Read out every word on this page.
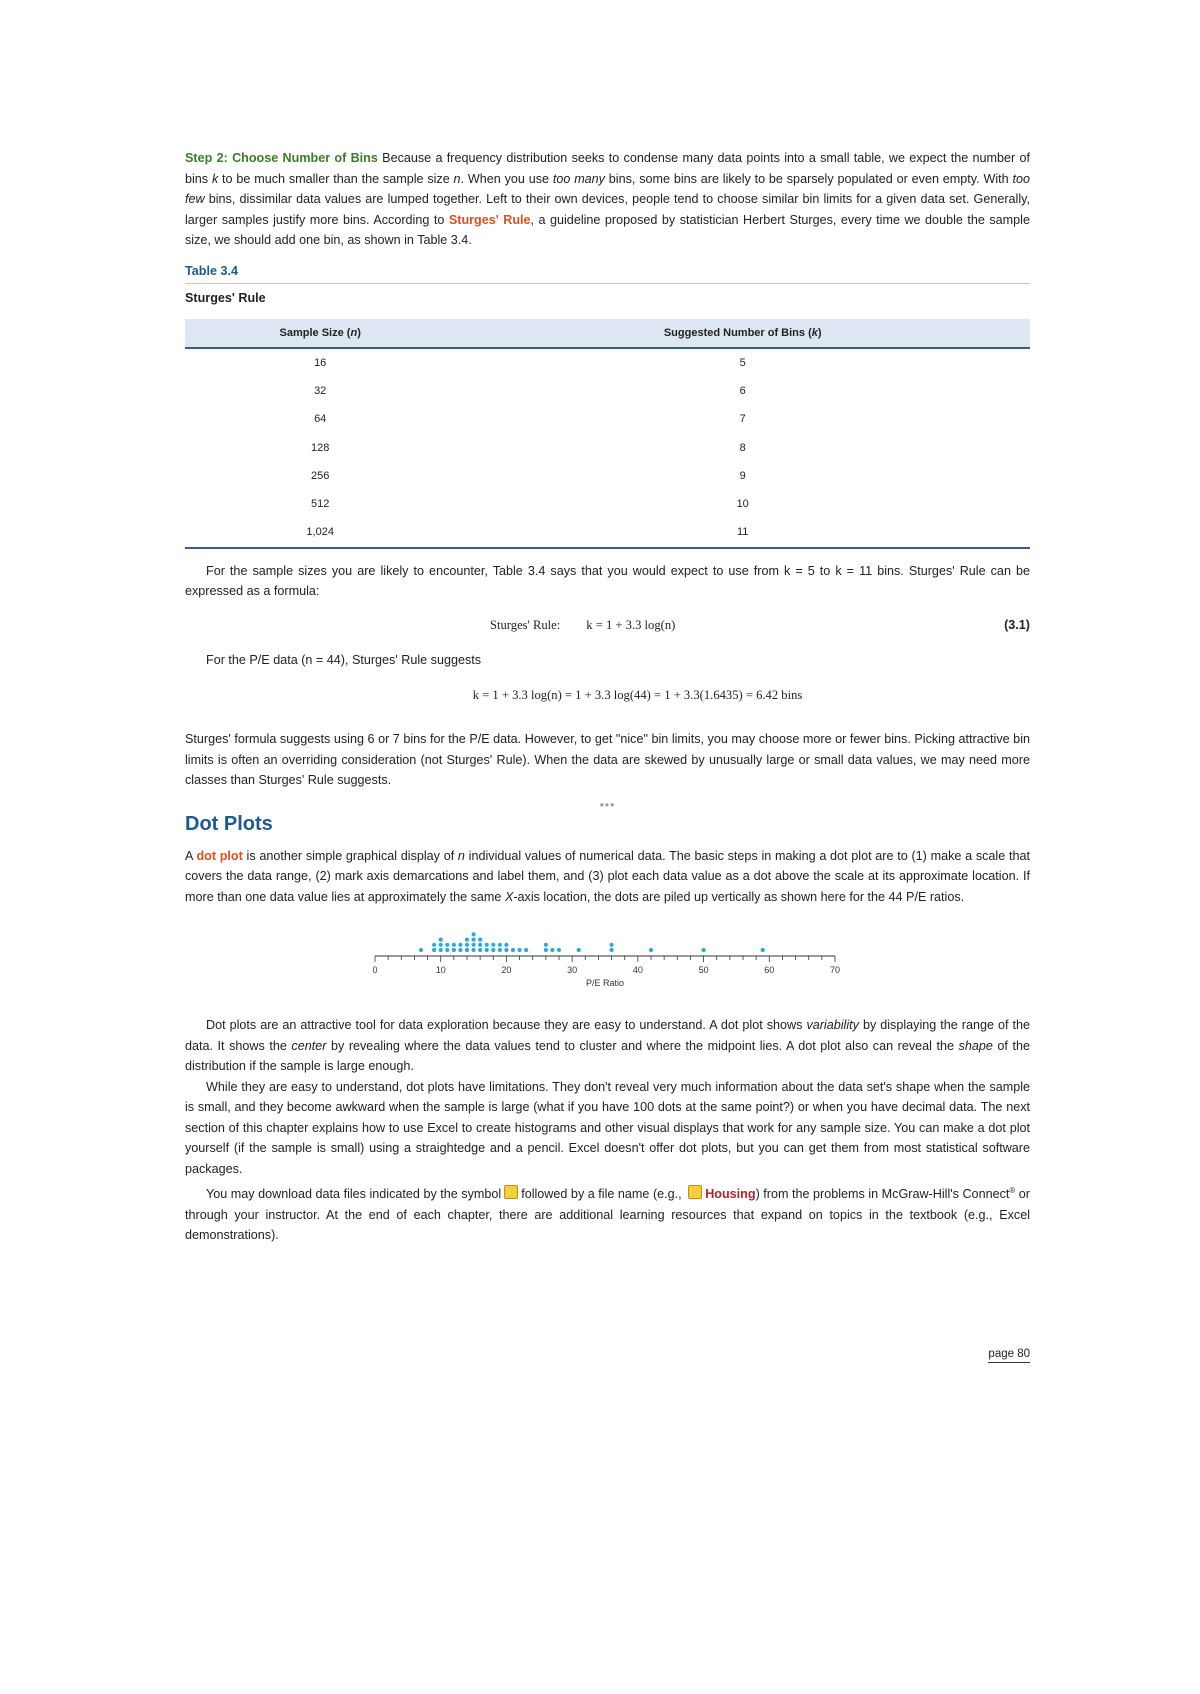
Step 2: Choose Number of Bins Because a frequency distribution seeks to condense many data points into a small table, we expect the number of bins k to be much smaller than the sample size n. When you use too many bins, some bins are likely to be sparsely populated or even empty. With too few bins, dissimilar data values are lumped together. Left to their own devices, people tend to choose similar bin limits for a given data set. Generally, larger samples justify more bins. According to Sturges' Rule, a guideline proposed by statistician Herbert Sturges, every time we double the sample size, we should add one bin, as shown in Table 3.4.

Table 3.4
Sturges' Rule
Sample Size (n)	Suggested Number of Bins (k)
16	5
32	6
64	7
128	8
256	9
512	10
1,024	11

For the sample sizes you are likely to encounter, Table 3.4 says that you would expect to use from k = 5 to k = 11 bins. Sturges' Rule can be expressed as a formula:

Sturges' Rule: k = 1 + 3.3 log(n)	(3.1)

For the P/E data (n = 44), Sturges' Rule suggests

k = 1 + 3.3 log(n) = 1 + 3.3 log(44) = 1 + 3.3(1.6435) = 6.42 bins

Sturges' formula suggests using 6 or 7 bins for the P/E data. However, to get "nice" bin limits, you may choose more or fewer bins. Picking attractive bin limits is often an overriding consideration (not Sturges' Rule). When the data are skewed by unusually large or small data values, we may need more classes than Sturges' Rule suggests.

•••
Dot Plots

A dot plot is another simple graphical display of n individual values of numerical data. The basic steps in making a dot plot are to (1) make a scale that covers the data range, (2) mark axis demarcations and label them, and (3) plot each data value as a dot above the scale at its approximate location. If more than one data value lies at approximately the same X-axis location, the dots are piled up vertically as shown here for the 44 P/E ratios.

0	10	20	30	40	50	60	70
P/E Ratio

Dot plots are an attractive tool for data exploration because they are easy to understand. A dot plot shows variability by displaying the range of the data. It shows the center by revealing where the data values tend to cluster and where the midpoint lies. A dot plot also can reveal the shape of the distribution if the sample is large enough.

While they are easy to understand, dot plots have limitations. They don't reveal very much information about the data set's shape when the sample is small, and they become awkward when the sample is large (what if you have 100 dots at the same point?) or when you have decimal data. The next section of this chapter explains how to use Excel to create histograms and other visual displays that work for any sample size. You can make a dot plot yourself (if the sample is small) using a straightedge and a pencil. Excel doesn't offer dot plots, but you can get them from most statistical software packages.

You may download data files indicated by the symbol followed by a file name (e.g., Housing) from the problems in McGraw-Hill's Connect® or through your instructor. At the end of each chapter, there are additional learning resources that expand on topics in the textbook (e.g., Excel demonstrations).

page 80
